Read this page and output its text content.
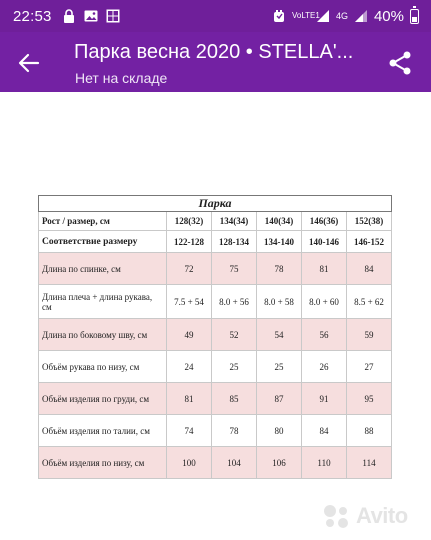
22:53	VoLTE1 4G 40%
Парка весна 2020 • STELLA'...
Нет на складе
Парка					
Рост / размер, см	128(32)	134(34)	140(34)	146(36)	152(38)
Соответствие размеру	122-128	128-134	134-140	140-146	146-152
Длина по спинке, см	72	75	78	81	84
Длина плеча + длина рукава, см	7.5 + 54	8.0 + 56	8.0 + 58	8.0 + 60	8.5 + 62
Длина по боковому шву, см	49	52	54	56	59
Объём рукава по низу, см	24	25	25	26	27
Объём изделия по груди, см	81	85	87	91	95
Объём изделия по талии, см	74	78	80	84	88
Объём изделия по низу, см	100	104	106	110	114
Avito
